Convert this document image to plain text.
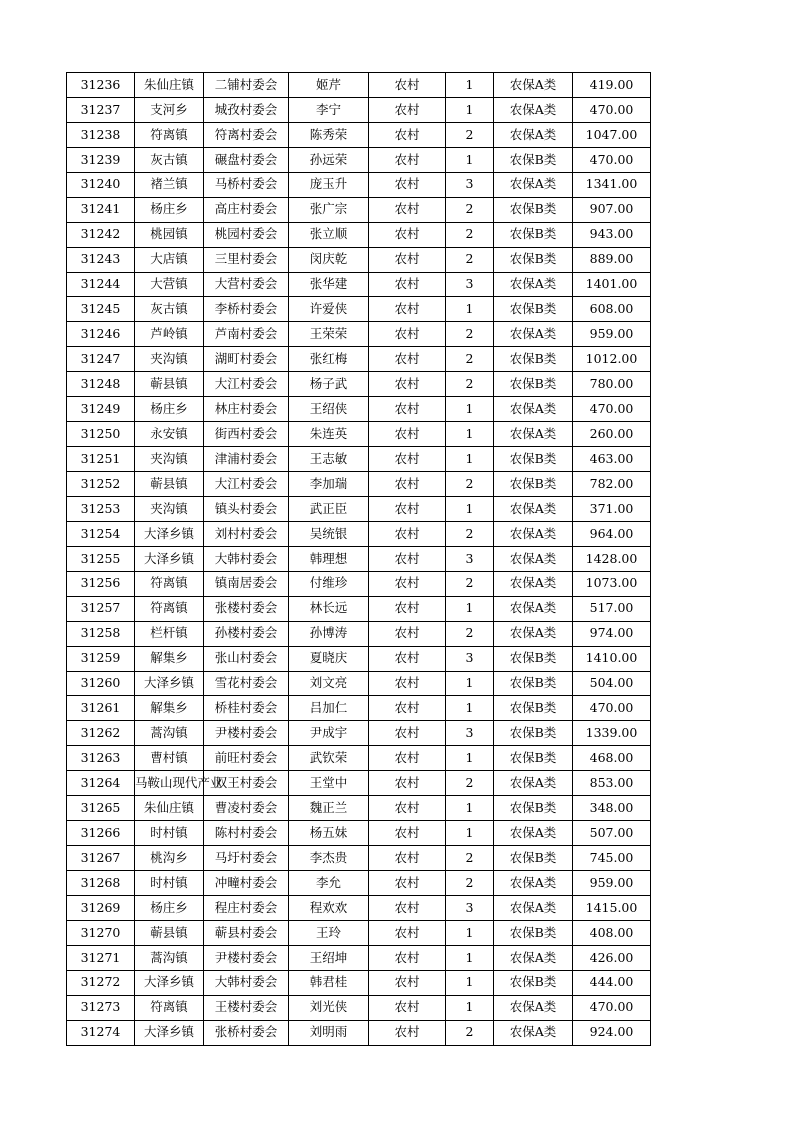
31236	朱仙庄镇	二铺村委会	姬芹	农村	1	农保A类	419.00
31237	支河乡	城孜村委会	李宁	农村	1	农保A类	470.00
31238	符离镇	符离村委会	陈秀荣	农村	2	农保A类	1047.00
31239	灰古镇	碾盘村委会	孙远荣	农村	1	农保B类	470.00
31240	褚兰镇	马桥村委会	庞玉升	农村	3	农保A类	1341.00
31241	杨庄乡	高庄村委会	张广宗	农村	2	农保B类	907.00
31242	桃园镇	桃园村委会	张立顺	农村	2	农保B类	943.00
31243	大店镇	三里村委会	闵庆乾	农村	2	农保B类	889.00
31244	大营镇	大营村委会	张华建	农村	3	农保A类	1401.00
31245	灰古镇	李桥村委会	许爱侠	农村	1	农保B类	608.00
31246	芦岭镇	芦南村委会	王荣荣	农村	2	农保A类	959.00
31247	夹沟镇	湖町村委会	张红梅	农村	2	农保B类	1012.00
31248	蕲县镇	大江村委会	杨子武	农村	2	农保B类	780.00
31249	杨庄乡	林庄村委会	王绍侠	农村	1	农保A类	470.00
31250	永安镇	街西村委会	朱连英	农村	1	农保A类	260.00
31251	夹沟镇	津浦村委会	王志敏	农村	1	农保B类	463.00
31252	蕲县镇	大江村委会	李加瑞	农村	2	农保B类	782.00
31253	夹沟镇	镇头村委会	武正臣	农村	1	农保A类	371.00
31254	大泽乡镇	刘村村委会	吴统银	农村	2	农保A类	964.00
31255	大泽乡镇	大韩村委会	韩理想	农村	3	农保A类	1428.00
31256	符离镇	镇南居委会	付维珍	农村	2	农保A类	1073.00
31257	符离镇	张楼村委会	林长远	农村	1	农保A类	517.00
31258	栏杆镇	孙楼村委会	孙博涛	农村	2	农保A类	974.00
31259	解集乡	张山村委会	夏晓庆	农村	3	农保B类	1410.00
31260	大泽乡镇	雪花村委会	刘文亮	农村	1	农保B类	504.00
31261	解集乡	桥桂村委会	吕加仁	农村	1	农保B类	470.00
31262	蒿沟镇	尹楼村委会	尹成宇	农村	3	农保B类	1339.00
31263	曹村镇	前旺村委会	武钦荣	农村	1	农保B类	468.00
31264	马鞍山现代产业	双王村委会	王堂中	农村	2	农保A类	853.00
31265	朱仙庄镇	曹凌村委会	魏正兰	农村	1	农保B类	348.00
31266	时村镇	陈村村委会	杨五妹	农村	1	农保A类	507.00
31267	桃沟乡	马圩村委会	李杰贵	农村	2	农保B类	745.00
31268	时村镇	冲疃村委会	李允	农村	2	农保A类	959.00
31269	杨庄乡	程庄村委会	程欢欢	农村	3	农保A类	1415.00
31270	蕲县镇	蕲县村委会	王玲	农村	1	农保B类	408.00
31271	蒿沟镇	尹楼村委会	王绍坤	农村	1	农保A类	426.00
31272	大泽乡镇	大韩村委会	韩君桂	农村	1	农保B类	444.00
31273	符离镇	王楼村委会	刘光侠	农村	1	农保A类	470.00
31274	大泽乡镇	张桥村委会	刘明雨	农村	2	农保A类	924.00
